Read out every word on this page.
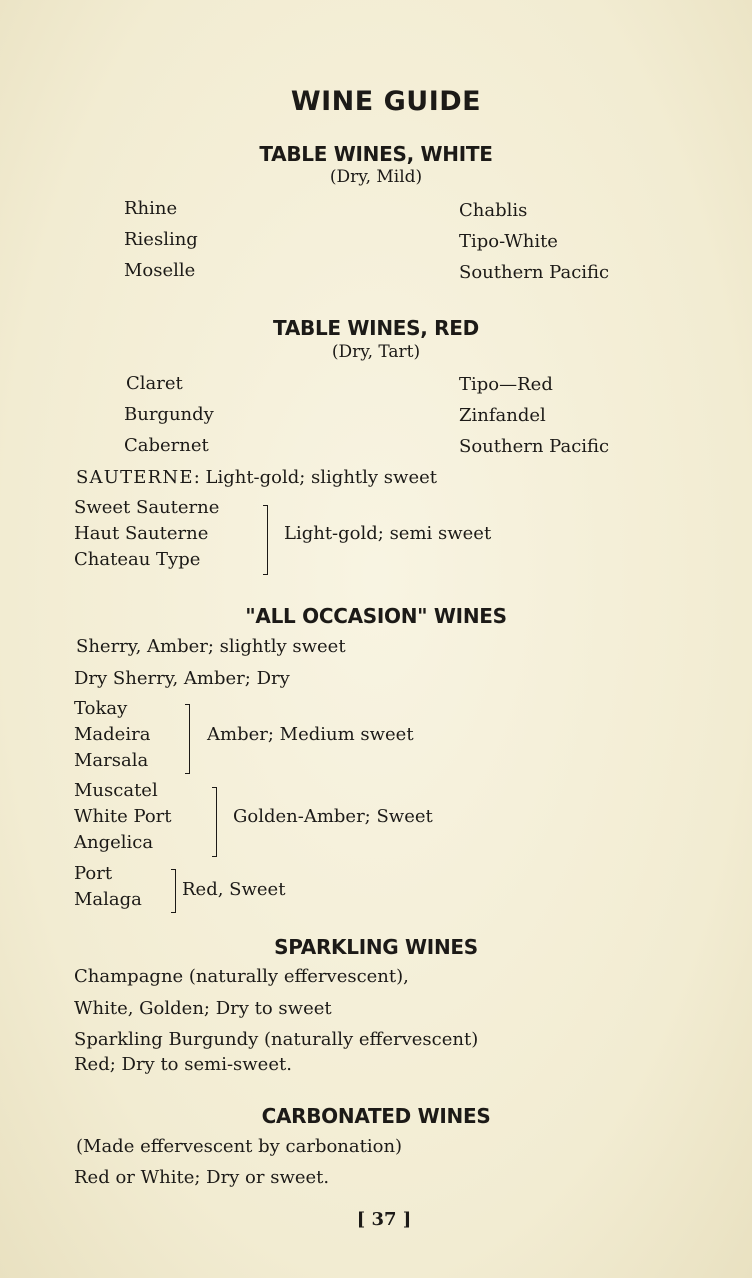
WINE GUIDE
TABLE WINES, WHITE
(Dry, Mild)
Rhine
Riesling
Moselle
Chablis
Tipo-White
Southern Pacific
TABLE WINES, RED
(Dry, Tart)
Claret
Burgundy
Cabernet
Tipo—Red
Zinfandel
Southern Pacific
SAUTERNE: Light-gold; slightly sweet
Sweet Sauterne
Haut Sauterne
Chateau Type
Light-gold; semi sweet
"ALL OCCASION" WINES
Sherry, Amber; slightly sweet
Dry Sherry, Amber; Dry
Tokay
Madeira
Marsala
Amber; Medium sweet
Muscatel
White Port
Angelica
Golden-Amber; Sweet
Port
Malaga Red, Sweet
SPARKLING WINES
Champagne (naturally effervescent),
White, Golden; Dry to sweet
Sparkling Burgundy (naturally effervescent)
Red; Dry to semi-sweet.
CARBONATED WINES
(Made effervescent by carbonation)
Red or White; Dry or sweet.
[ 37 ]
